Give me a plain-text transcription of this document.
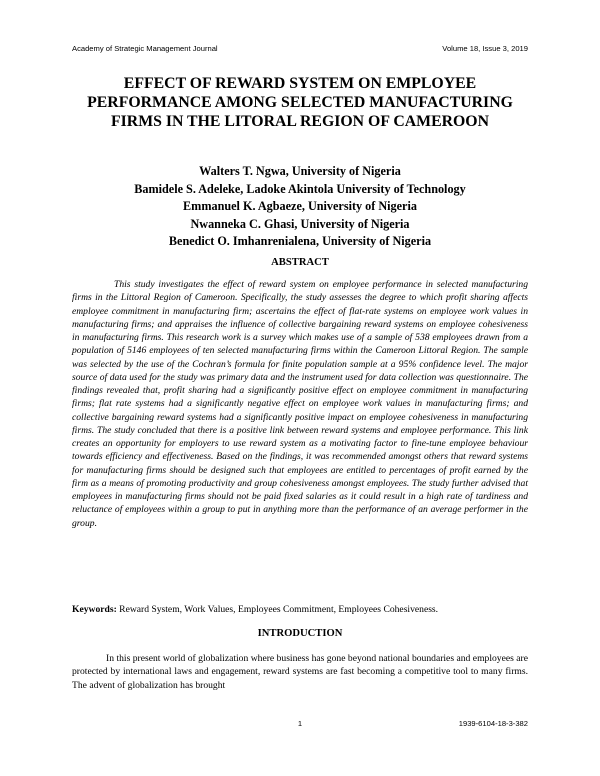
Academy of Strategic Management Journal	Volume 18, Issue 3, 2019
EFFECT OF REWARD SYSTEM ON EMPLOYEE PERFORMANCE AMONG SELECTED MANUFACTURING FIRMS IN THE LITORAL REGION OF CAMEROON
Walters T. Ngwa, University of Nigeria
Bamidele S. Adeleke, Ladoke Akintola University of Technology
Emmanuel K. Agbaeze, University of Nigeria
Nwanneka C. Ghasi, University of Nigeria
Benedict O. Imhanrenialena, University of Nigeria
ABSTRACT

This study investigates the effect of reward system on employee performance in selected manufacturing firms in the Littoral Region of Cameroon. Specifically, the study assesses the degree to which profit sharing affects employee commitment in manufacturing firm; ascertains the effect of flat-rate systems on employee work values in manufacturing firms; and appraises the influence of collective bargaining reward systems on employee cohesiveness in manufacturing firms. This research work is a survey which makes use of a sample of 538 employees drawn from a population of 5146 employees of ten selected manufacturing firms within the Cameroon Littoral Region. The sample was selected by the use of the Cochran’s formula for finite population sample at a 95% confidence level. The major source of data used for the study was primary data and the instrument used for data collection was questionnaire. The findings revealed that, profit sharing had a significantly positive effect on employee commitment in manufacturing firms; flat rate systems had a significantly negative effect on employee work values in manufacturing firms; and collective bargaining reward systems had a significantly positive impact on employee cohesiveness in manufacturing firms. The study concluded that there is a positive link between reward systems and employee performance. This link creates an opportunity for employers to use reward system as a motivating factor to fine-tune employee behaviour towards efficiency and effectiveness. Based on the findings, it was recommended amongst others that reward systems for manufacturing firms should be designed such that employees are entitled to percentages of profit earned by the firm as a means of promoting productivity and group cohesiveness amongst employees. The study further advised that employees in manufacturing firms should not be paid fixed salaries as it could result in a high rate of tardiness and reluctance of employees within a group to put in anything more than the performance of an average performer in the group.

Keywords: Reward System, Work Values, Employees Commitment, Employees Cohesiveness.
INTRODUCTION

In this present world of globalization where business has gone beyond national boundaries and employees are protected by international laws and engagement, reward systems are fast becoming a competitive tool to many firms. The advent of globalization has brought

1	1939-6104-18-3-382
